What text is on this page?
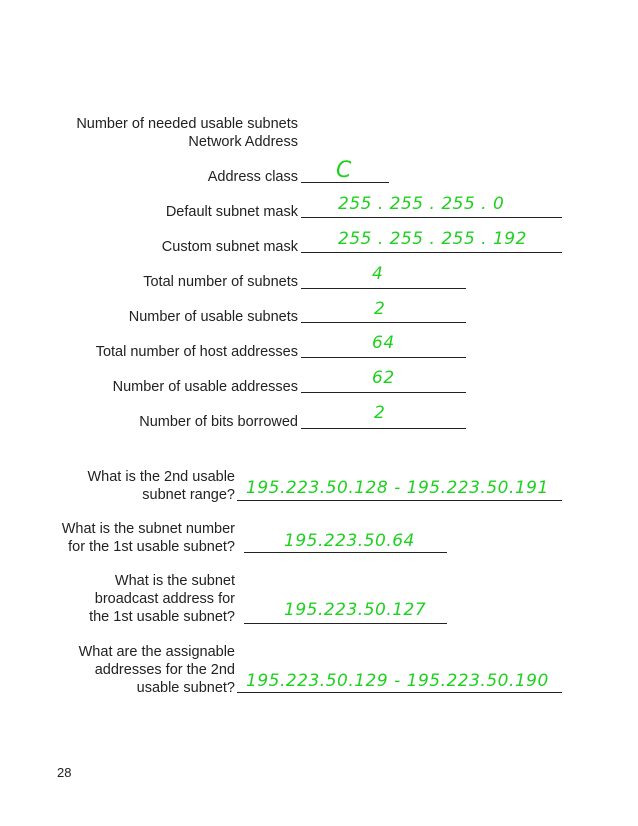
Number of needed usable subnets
Network Address
Address class C
Default subnet mask 255 . 255 . 255 . 0
Custom subnet mask 255 . 255 . 255 . 192
Total number of subnets	4
Number of usable subnets	2
Total number of host addresses	64
Number of usable addresses	62
Number of bits borrowed	2
What is the 2nd usable
subnet range? 195.223.50.128 - 195.223.50.191
What is the subnet number
for the 1st usable subnet?	195.223.50.64
What is the subnet
broadcast address for
the 1st usable subnet?	195.223.50.127
What are the assignable
addresses for the 2nd
usable subnet? 195.223.50.129 - 195.223.50.190
28
